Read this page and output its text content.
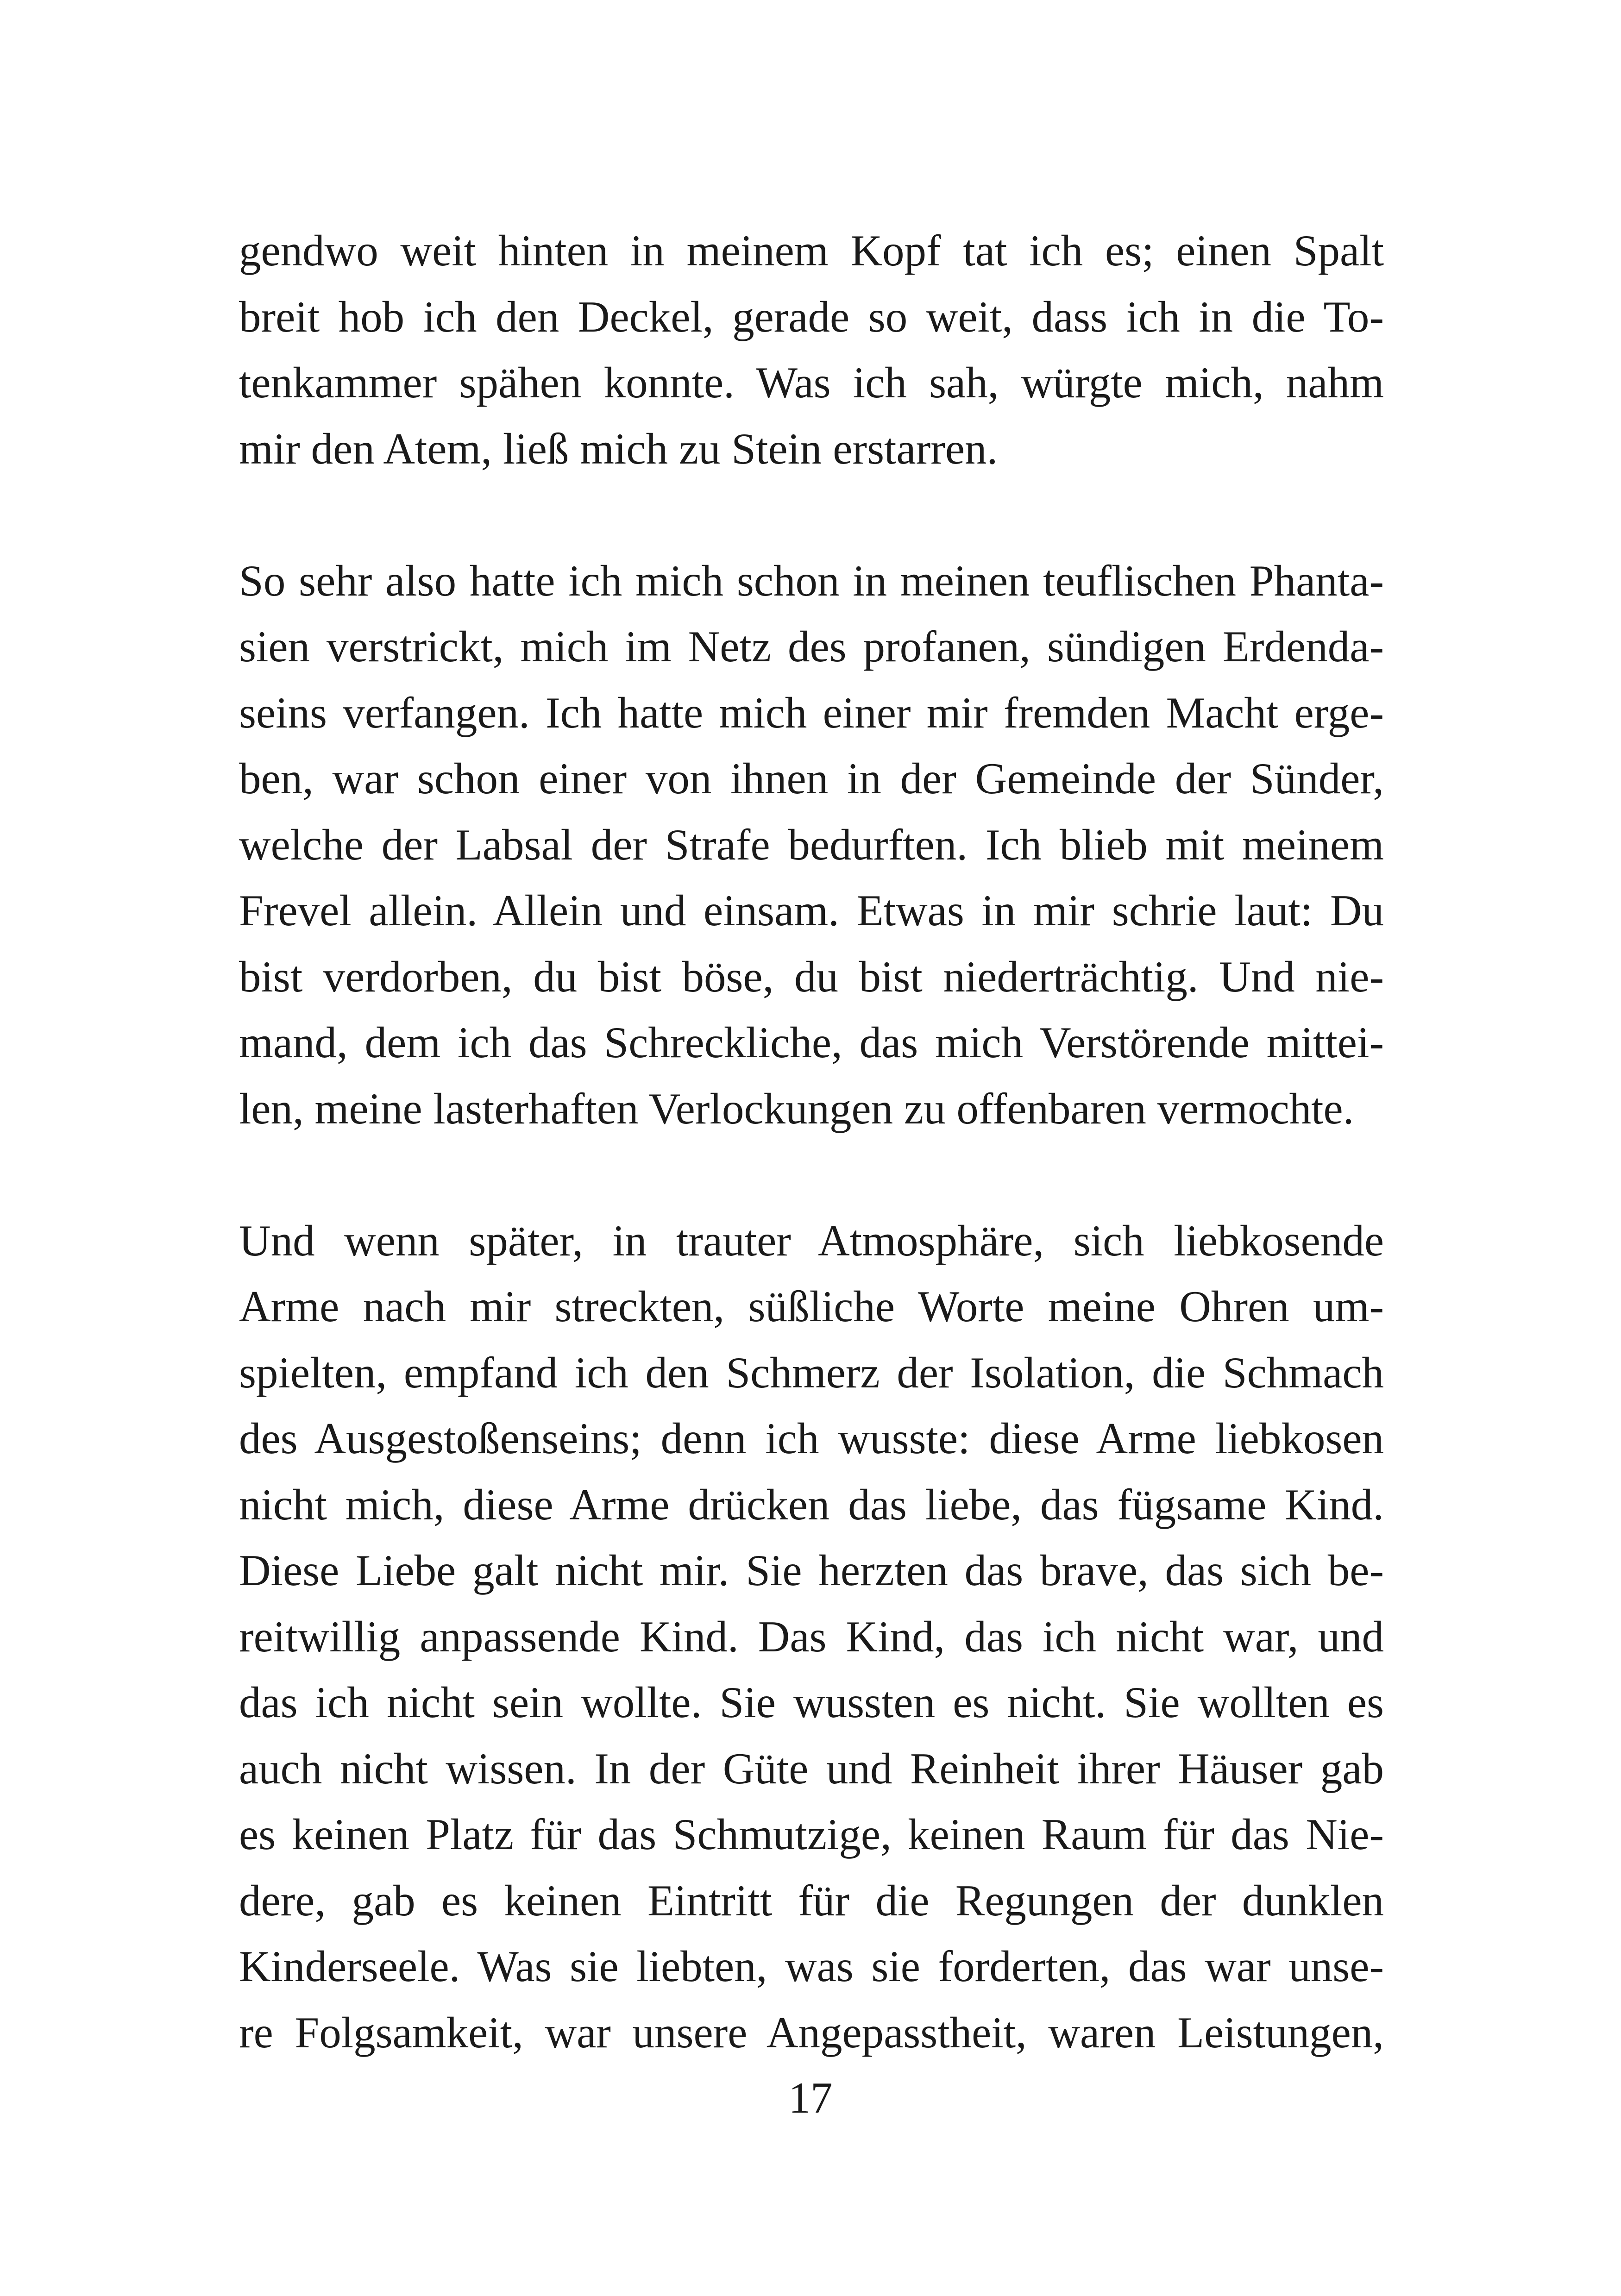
gendwo weit hinten in meinem Kopf tat ich es; einen Spalt
breit hob ich den Deckel, gerade so weit, dass ich in die To-
tenkammer spähen konnte. Was ich sah, würgte mich, nahm
mir den Atem, ließ mich zu Stein erstarren.

So sehr also hatte ich mich schon in meinen teuflischen Phanta-
sien verstrickt, mich im Netz des profanen, sündigen Erdenda-
seins verfangen. Ich hatte mich einer mir fremden Macht erge-
ben, war schon einer von ihnen in der Gemeinde der Sünder,
welche der Labsal der Strafe bedurften. Ich blieb mit meinem
Frevel allein. Allein und einsam. Etwas in mir schrie laut: Du
bist verdorben, du bist böse, du bist niederträchtig. Und nie-
mand, dem ich das Schreckliche, das mich Verstörende mittei-
len, meine lasterhaften Verlockungen zu offenbaren vermochte.

Und wenn später, in trauter Atmosphäre, sich liebkosende
Arme nach mir streckten, süßliche Worte meine Ohren um-
spielten, empfand ich den Schmerz der Isolation, die Schmach
des Ausgestoßenseins; denn ich wusste: diese Arme liebkosen
nicht mich, diese Arme drücken das liebe, das fügsame Kind.
Diese Liebe galt nicht mir. Sie herzten das brave, das sich be-
reitwillig anpassende Kind. Das Kind, das ich nicht war, und
das ich nicht sein wollte. Sie wussten es nicht. Sie wollten es
auch nicht wissen. In der Güte und Reinheit ihrer Häuser gab
es keinen Platz für das Schmutzige, keinen Raum für das Nie-
dere, gab es keinen Eintritt für die Regungen der dunklen
Kinderseele. Was sie liebten, was sie forderten, das war unse-
re Folgsamkeit, war unsere Angepasstheit, waren Leistungen,

17
